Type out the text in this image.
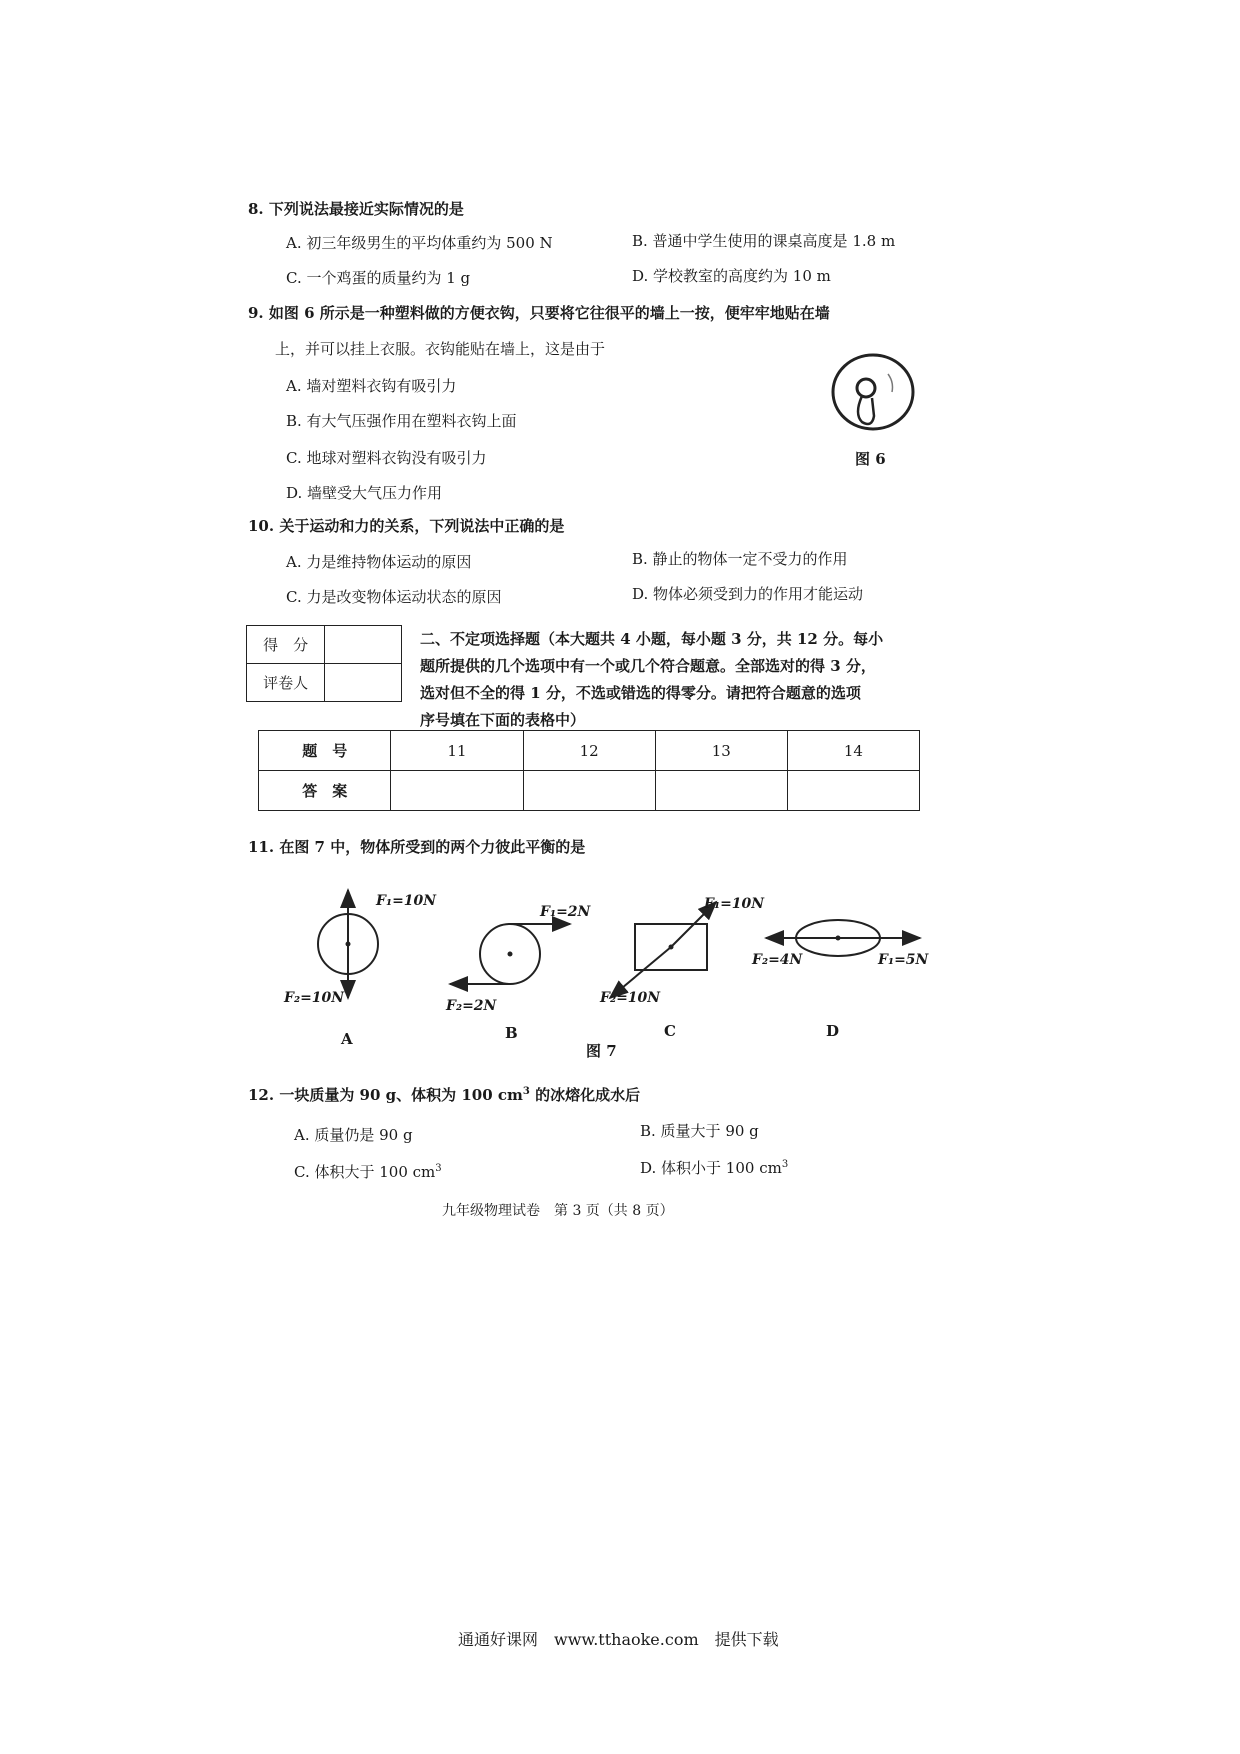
8. 下列说法最接近实际情况的是
A. 初三年级男生的平均体重约为 500 N	B. 普通中学生使用的课桌高度是 1.8 m
C. 一个鸡蛋的质量约为 1 g	D. 学校教室的高度约为 10 m
9. 如图 6 所示是一种塑料做的方便衣钩，只要将它往很平的墙上一按，便牢牢地贴在墙
上，并可以挂上衣服。衣钩能贴在墙上，这是由于
A. 墙对塑料衣钩有吸引力
B. 有大气压强作用在塑料衣钩上面
C. 地球对塑料衣钩没有吸引力
D. 墙壁受大气压力作用
图 6
10. 关于运动和力的关系，下列说法中正确的是
A. 力是维持物体运动的原因	B. 静止的物体一定不受力的作用
C. 力是改变物体运动状态的原因	D. 物体必须受到力的作用才能运动
得　分	
评卷人	
二、不定项选择题（本大题共 4 小题，每小题 3 分，共 12 分。每小
题所提供的几个选项中有一个或几个符合题意。全部选对的得 3 分，
选对但不全的得 1 分，不选或错选的得零分。请把符合题意的选项
序号填在下面的表格中）
题　号	11	12	13	14
答　案				
11. 在图 7 中，物体所受到的两个力彼此平衡的是
F₁=10N
F₂=10N
A
F₁=2N
F₂=2N
B
F₁=10N
F₂=10N
C
F₁=5N
F₂=4N
D
图 7
12. 一块质量为 90 g、体积为 100 $cm^3$ 的冰熔化成水后
A. 质量仍是 90 g	B. 质量大于 90 g
C. 体积大于 100 $cm^3$	D. 体积小于 100 $cm^3$
九年级物理试卷　第 3 页（共 8 页）
通通好课网　www.tthaoke.com　提供下载
